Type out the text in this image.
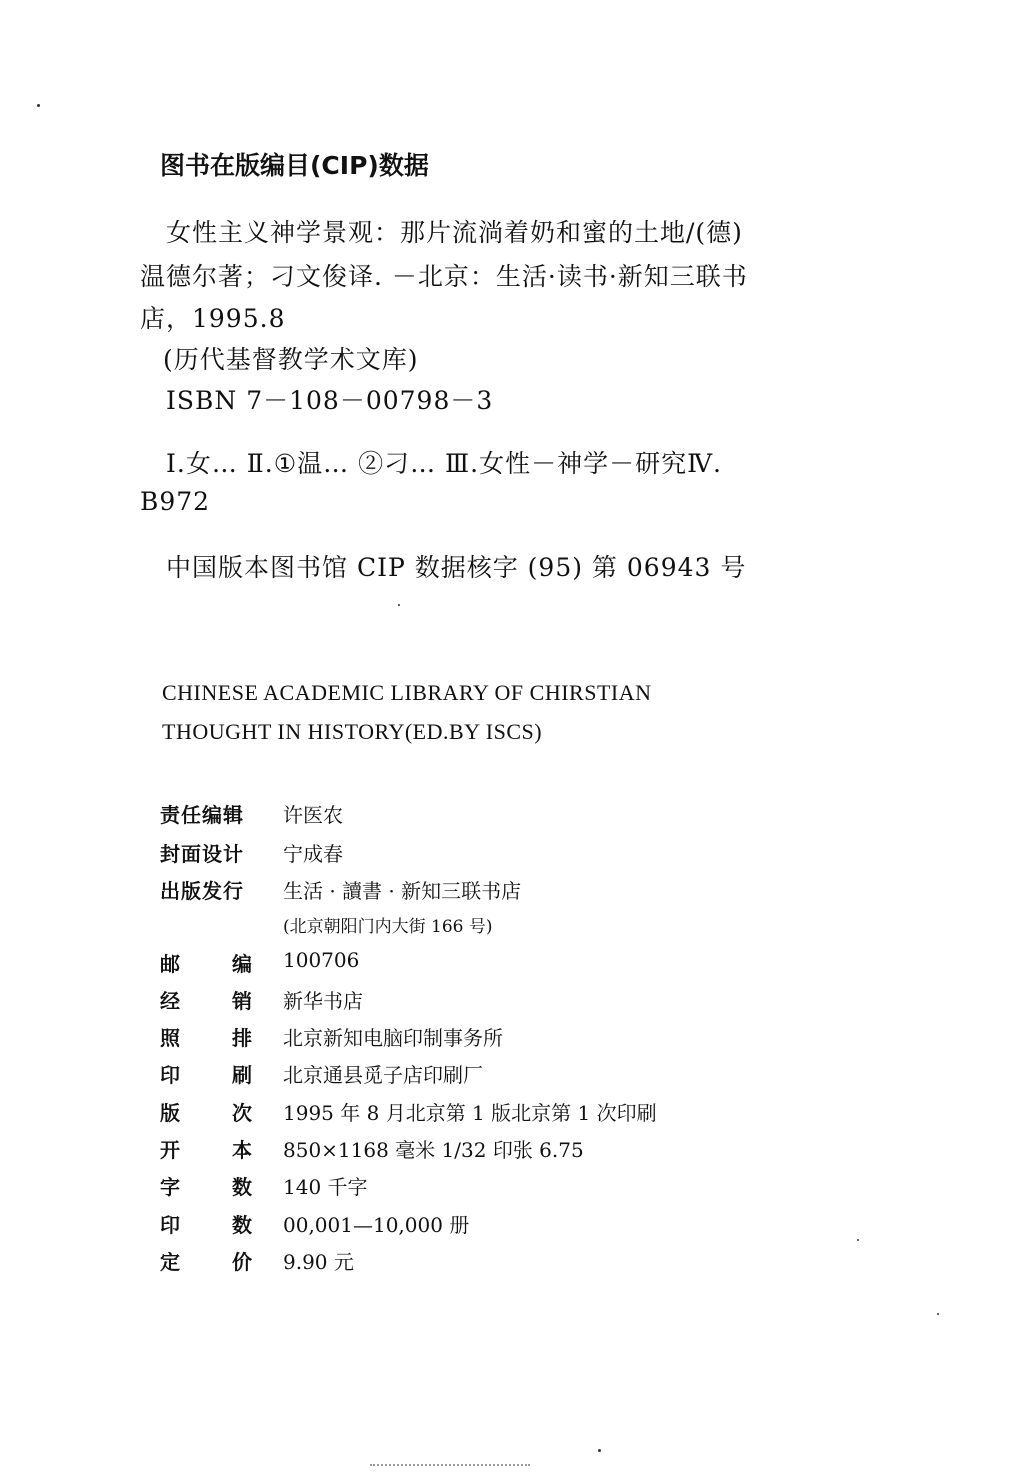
图书在版编目(CIP)数据
女性主义神学景观：那片流淌着奶和蜜的土地/(德)
温德尔著；刁文俊译. －北京：生活·读书·新知三联书
店，1995.8
(历代基督教学术文库)
ISBN 7－108－00798－3
Ⅰ.女… Ⅱ.①温… ②刁… Ⅲ.女性－神学－研究Ⅳ.
B972
中国版本图书馆 CIP 数据核字 (95) 第 06943 号
CHINESE ACADEMIC LIBRARY OF CHIRSTIAN
THOUGHT IN HISTORY(ED.BY ISCS)
责任编辑	许医农
封面设计	宁成春
出版发行	生活 · 讀書 · 新知三联书店
(北京朝阳门内大街 166 号)
邮	编 100706
经	销 新华书店
照	排 北京新知电脑印制事务所
印	刷 北京通县觅子店印刷厂
版	次 1995 年 8 月北京第 1 版北京第 1 次印刷
开	本 850×1168 毫米 1/32 印张 6.75
字	数 140 千字
印	数 00,001—10,000 册
定	价 9.90 元
